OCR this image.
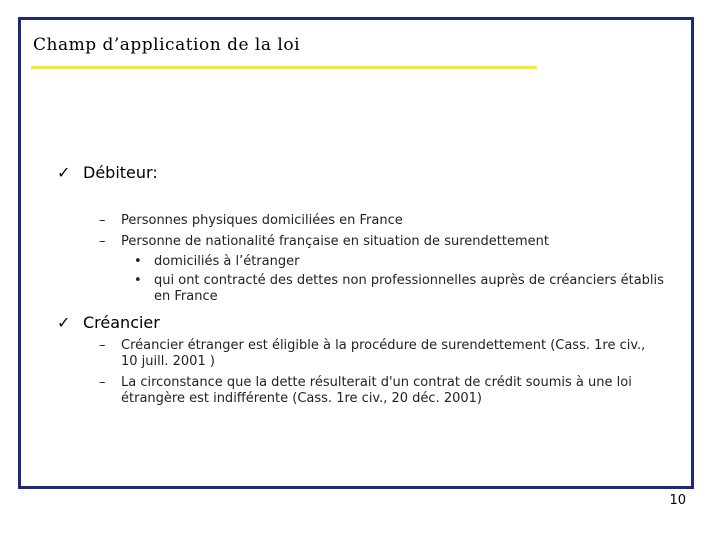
Champ d’application de la loi
✓ Débiteur:
– Personnes physiques domiciliées en France
– Personne de nationalité française en situation de surendettement
• domiciliés à l’étranger
• qui ont contracté des dettes non professionnelles auprès de créanciers établis en France
✓ Créancier
– Créancier étranger est éligible à la procédure de surendettement (Cass. 1re civ., 10 juill. 2001 )
– La circonstance que la dette résulterait d'un contrat de crédit soumis à une loi étrangère est indifférente (Cass. 1re civ., 20 déc. 2001)
10
